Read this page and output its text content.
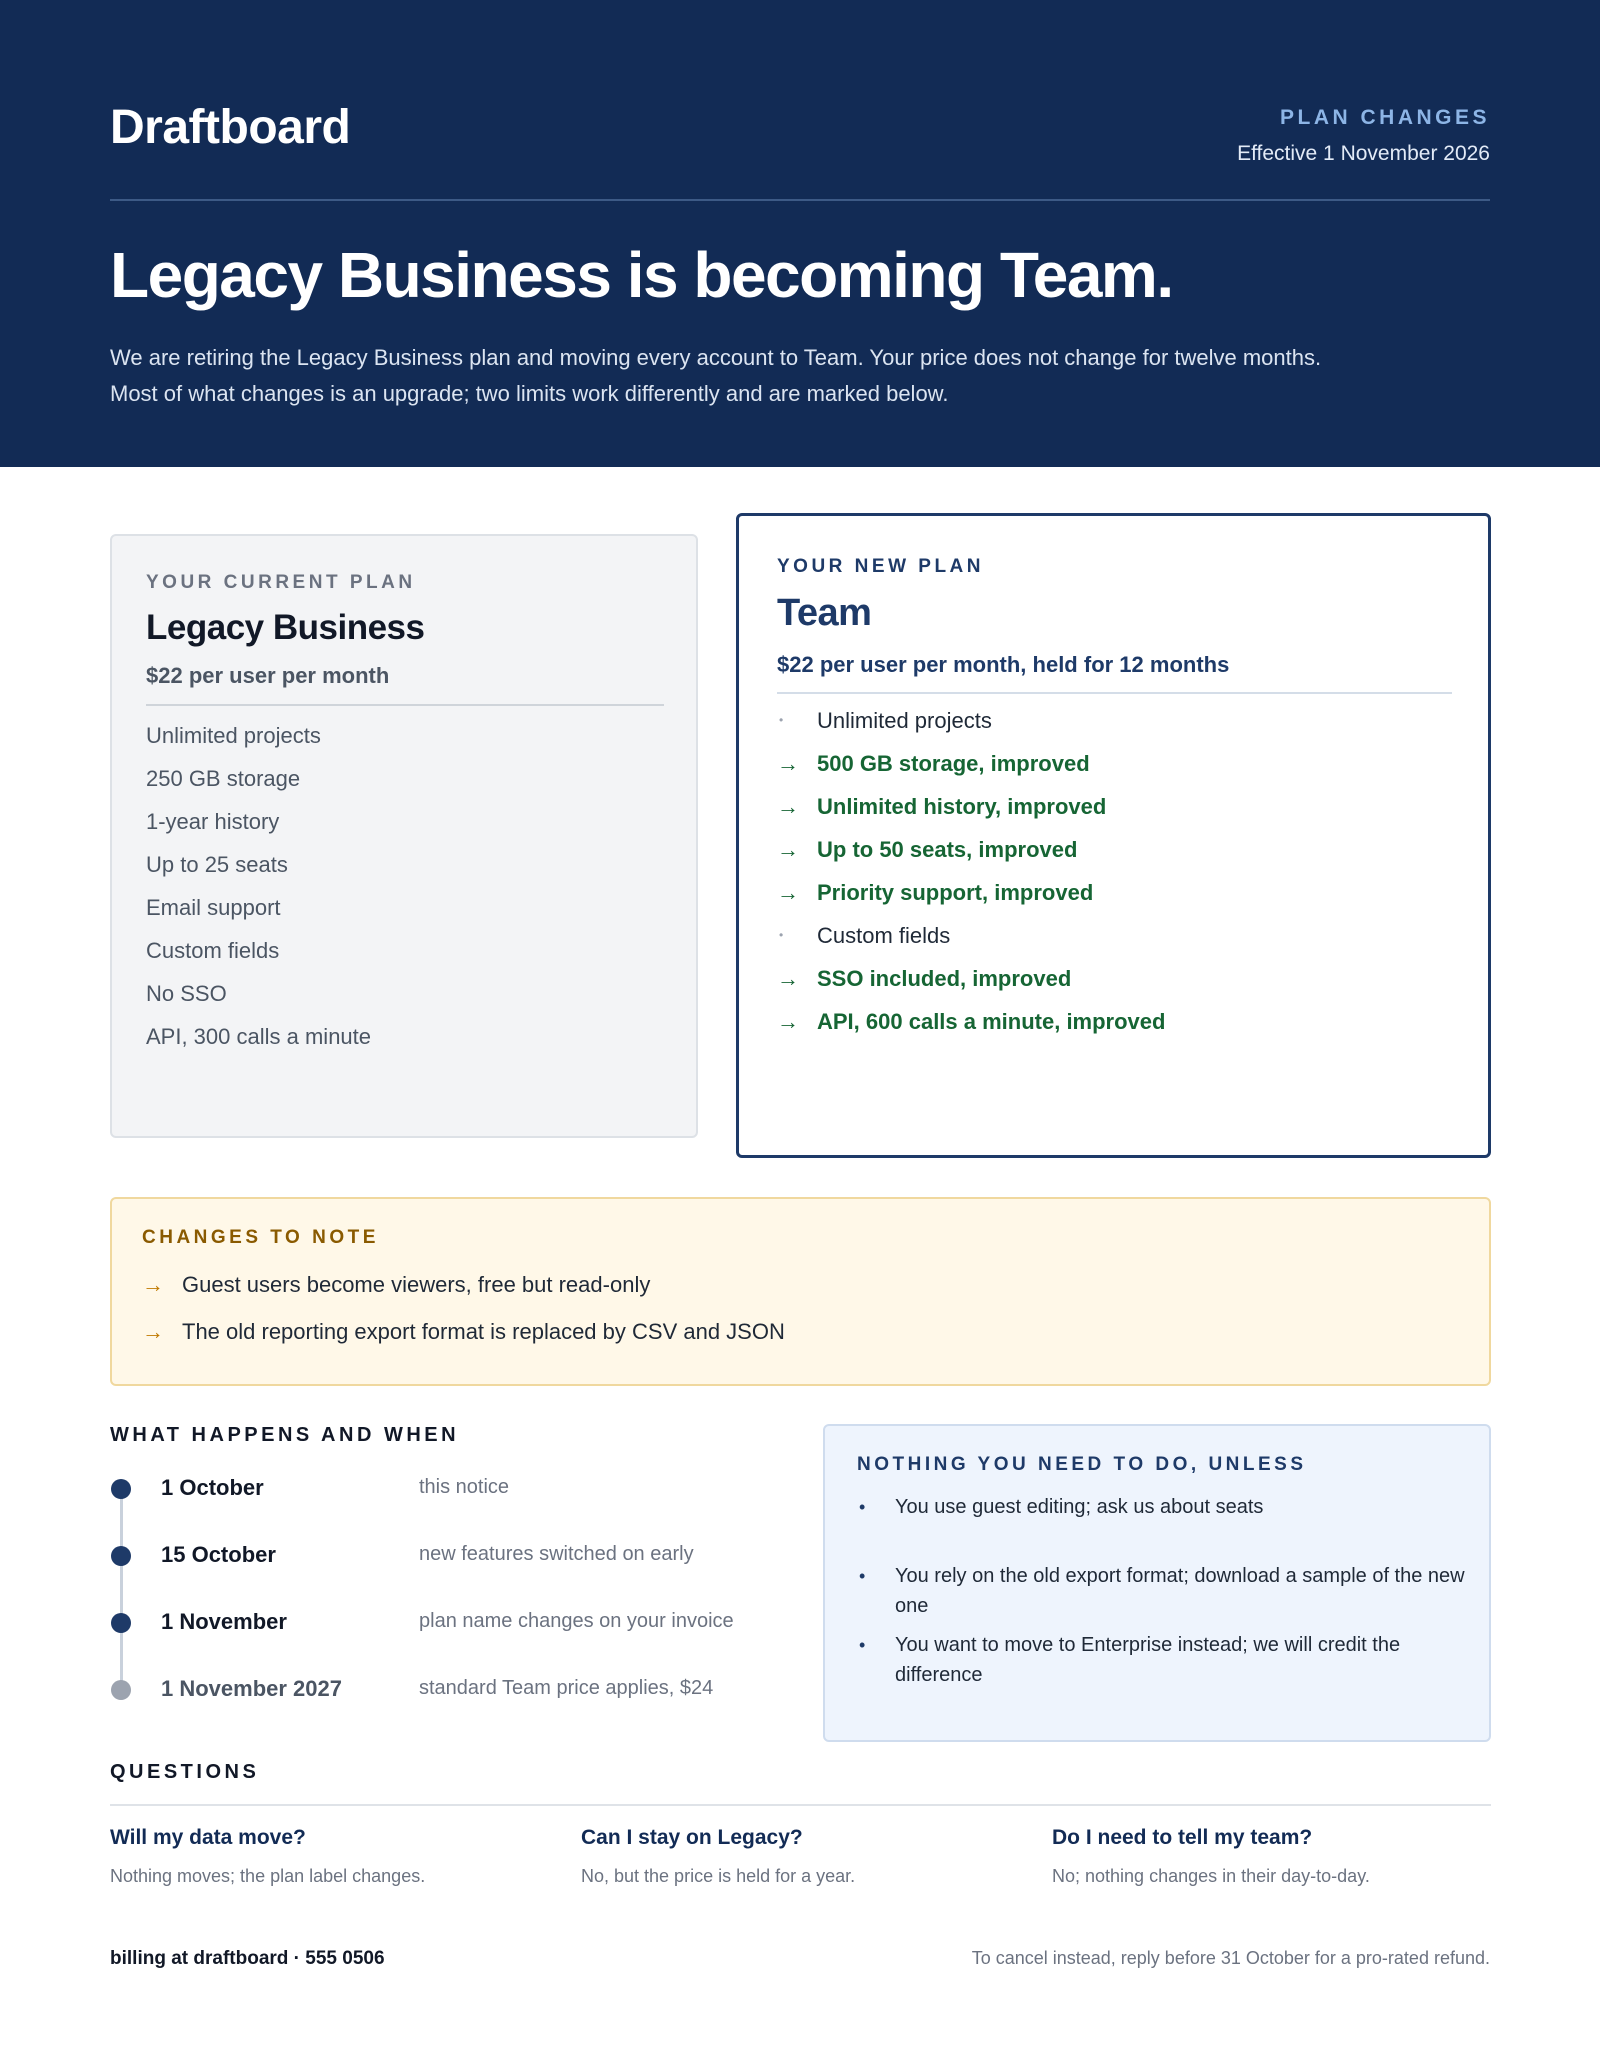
Draftboard	PLAN CHANGES
Effective 1 November 2026
Legacy Business is becoming Team.

We are retiring the Legacy Business plan and moving every account to Team. Your price does not change for twelve months. Most of what changes is an upgrade; two limits work differently and are marked below.

YOUR CURRENT PLAN
Legacy Business
$22 per user per month
Unlimited projects
250 GB storage
1-year history
Up to 25 seats
Email support
Custom fields
No SSO
API, 300 calls a minute
YOUR NEW PLAN
Team
$22 per user per month, held for 12 months
•	Unlimited projects
→ 500 GB storage, improved
→ Unlimited history, improved
→ Up to 50 seats, improved
→ Priority support, improved
•	Custom fields
→ SSO included, improved
→ API, 600 calls a minute, improved
CHANGES TO NOTE
→ Guest users become viewers, free but read-only
→ The old reporting export format is replaced by CSV and JSON
WHAT HAPPENS AND WHEN
1 October	this notice
15 October	new features switched on early
1 November	plan name changes on your invoice
1 November 2027	standard Team price applies, $24
NOTHING YOU NEED TO DO, UNLESS
• You use guest editing; ask us about seats
• You rely on the old export format; download a sample of the new one
• You want to move to Enterprise instead; we will credit the difference
QUESTIONS
Will my data move?
Nothing moves; the plan label changes.
Can I stay on Legacy?
No, but the price is held for a year.
Do I need to tell my team?
No; nothing changes in their day-to-day.
billing at draftboard · 555 0506	To cancel instead, reply before 31 October for a pro-rated refund.
